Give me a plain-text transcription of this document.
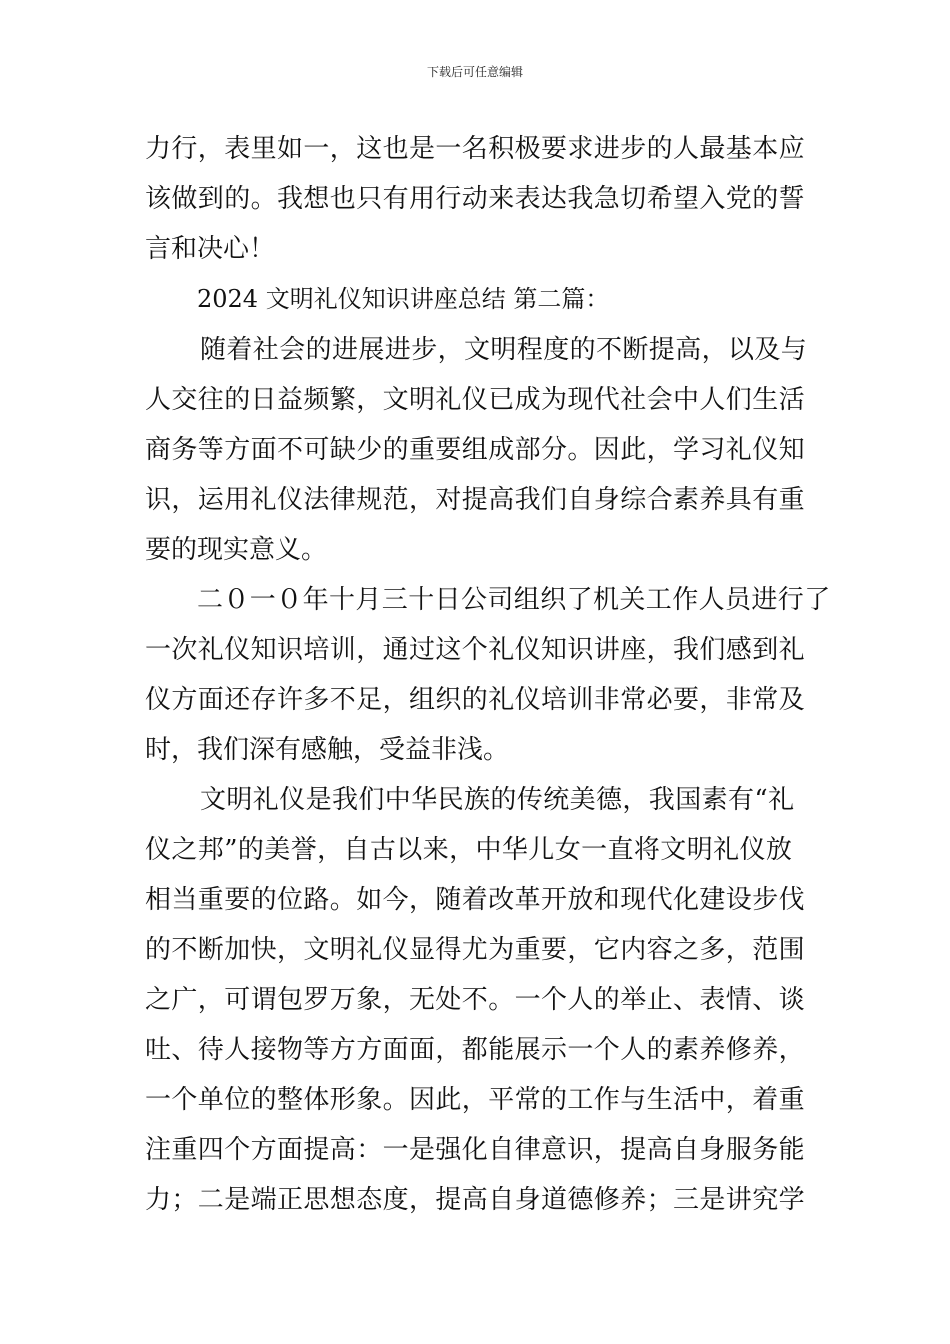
下载后可任意编辑
力行，表里如一，这也是一名积极要求进步的人最基本应
该做到的。我想也只有用行动来表达我急切希望入党的誓
言和决心！
2024 文明礼仪知识讲座总结 第二篇：
随着社会的进展进步，文明程度的不断提高，以及与
人交往的日益频繁，文明礼仪已成为现代社会中人们生活
商务等方面不可缺少的重要组成部分。因此，学习礼仪知
识，运用礼仪法律规范，对提高我们自身综合素养具有重
要的现实意义。
二０一０年十月三十日公司组织了机关工作人员进行了
一次礼仪知识培训，通过这个礼仪知识讲座，我们感到礼
仪方面还存许多不足，组织的礼仪培训非常必要，非常及
时，我们深有感触，受益非浅。
文明礼仪是我们中华民族的传统美德，我国素有“礼
仪之邦”的美誉，自古以来，中华儿女一直将文明礼仪放
相当重要的位路。如今，随着改革开放和现代化建设步伐
的不断加快，文明礼仪显得尤为重要，它内容之多，范围
之广，可谓包罗万象，无处不。一个人的举止、表情、谈
吐、待人接物等方方面面，都能展示一个人的素养修养，
一个单位的整体形象。因此，平常的工作与生活中，着重
注重四个方面提高：一是强化自律意识，提高自身服务能
力；二是端正思想态度，提高自身道德修养；三是讲究学
